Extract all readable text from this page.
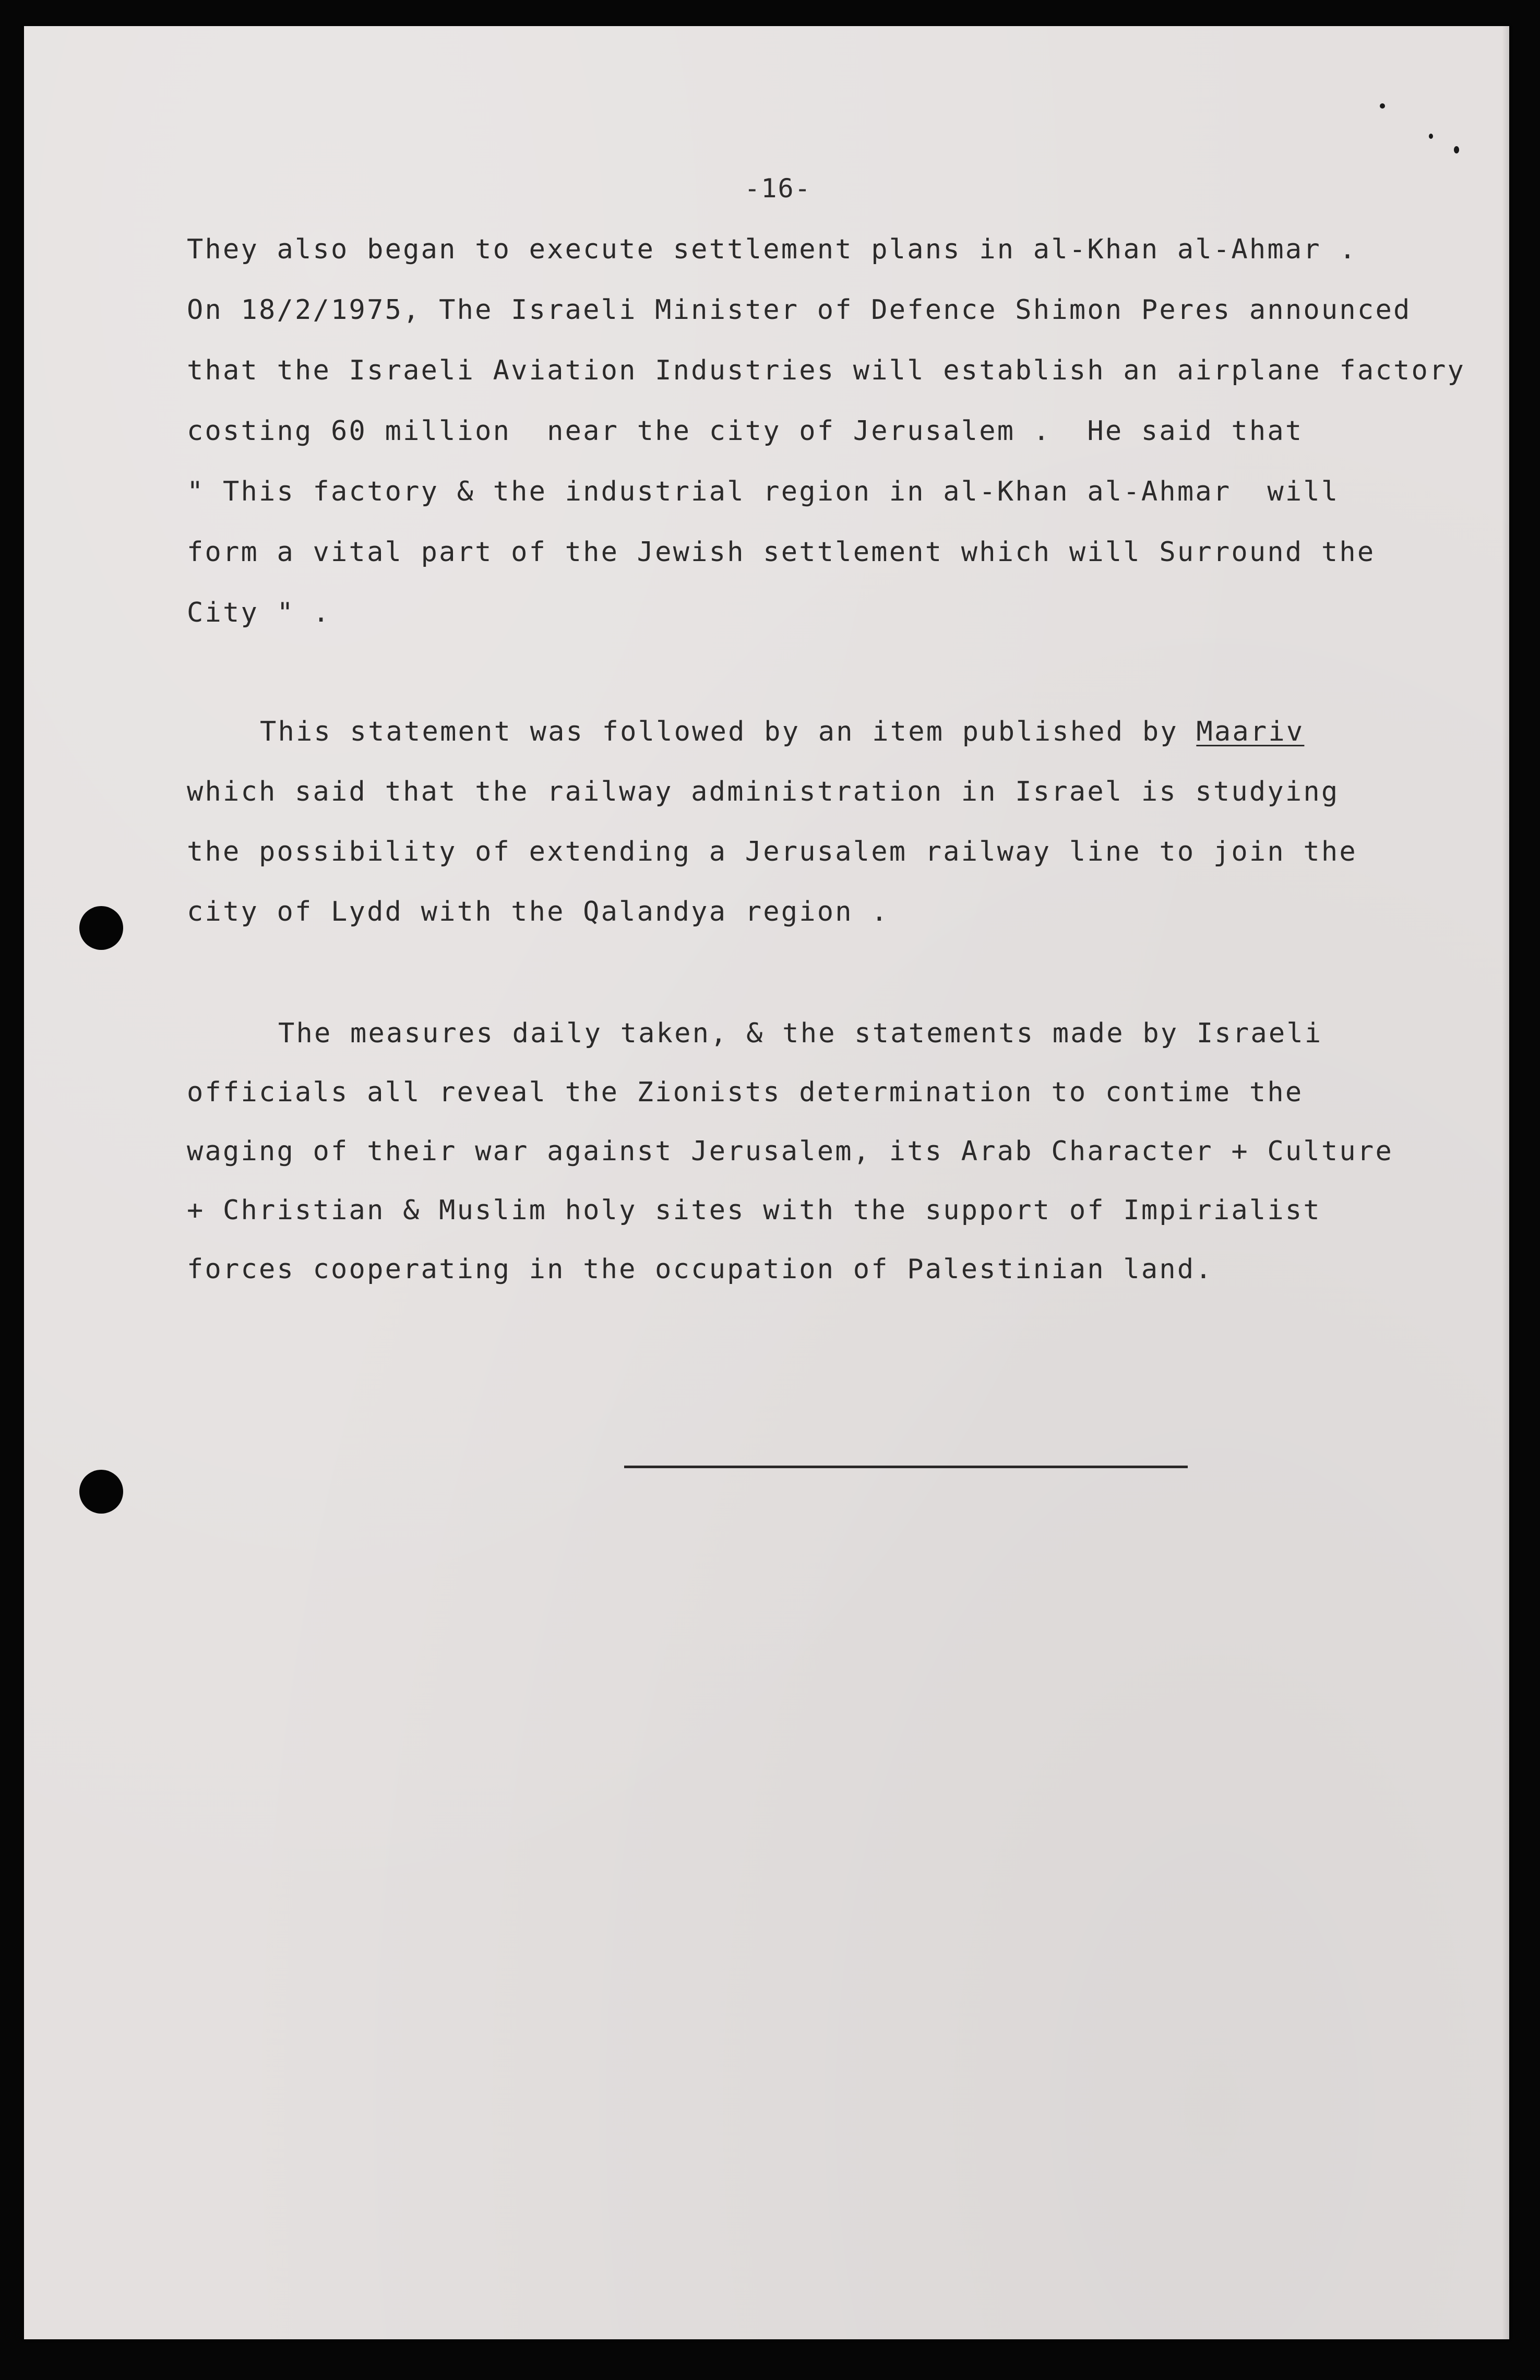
-16-
They also began to execute settlement plans in al-Khan al-Ahmar .
On 18/2/1975, The Israeli Minister of Defence Shimon Peres announced
that the Israeli Aviation Industries will establish an airplane factory
costing 60 million  near the city of Jerusalem .  He said that
" This factory & the industrial region in al-Khan al-Ahmar  will
form a vital part of the Jewish settlement which will Surround the
City " .
This statement was followed by an item published by Maariv
which said that the railway administration in Israel is studying
the possibility of extending a Jerusalem railway line to join the
city of Lydd with the Qalandya region .
The measures daily taken, & the statements made by Israeli
officials all reveal the Zionists determination to contime the
waging of their war against Jerusalem, its Arab Character + Culture
+ Christian & Muslim holy sites with the support of Impirialist
forces cooperating in the occupation of Palestinian land.
